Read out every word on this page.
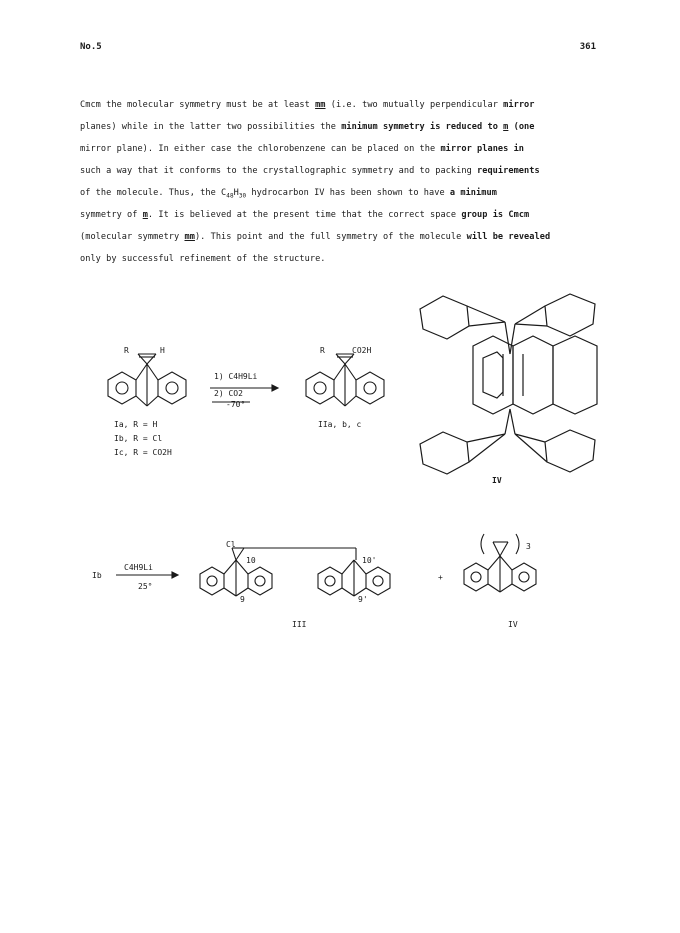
No.5	361
Cmcm the molecular symmetry must be at least mm (i.e. two mutually perpendicular mirror
planes) while in the latter two possibilities the minimum symmetry is reduced to m (one
mirror plane). In either case the chlorobenzene can be placed on the mirror planes in
such a way that it conforms to the crystallographic symmetry and to packing requirements
of the molecule. Thus, the $C_{48}H_{30}$ hydrocarbon IV has been shown to have a minimum
symmetry of m. It is believed at the present time that the correct space group is Cmcm
(molecular symmetry mm). This point and the full symmetry of the molecule will be revealed
only by successful refinement of the structure.
R	H	R	CO2H
1) C4H9Li
2) CO2
-70°
Ia, R = H
Ib, R = Cl
Ic, R = CO2H
IIa, b, c
IV
Ib
C4H9Li
25°
Cl
10
9
10'
9'
+
3
III	IV
